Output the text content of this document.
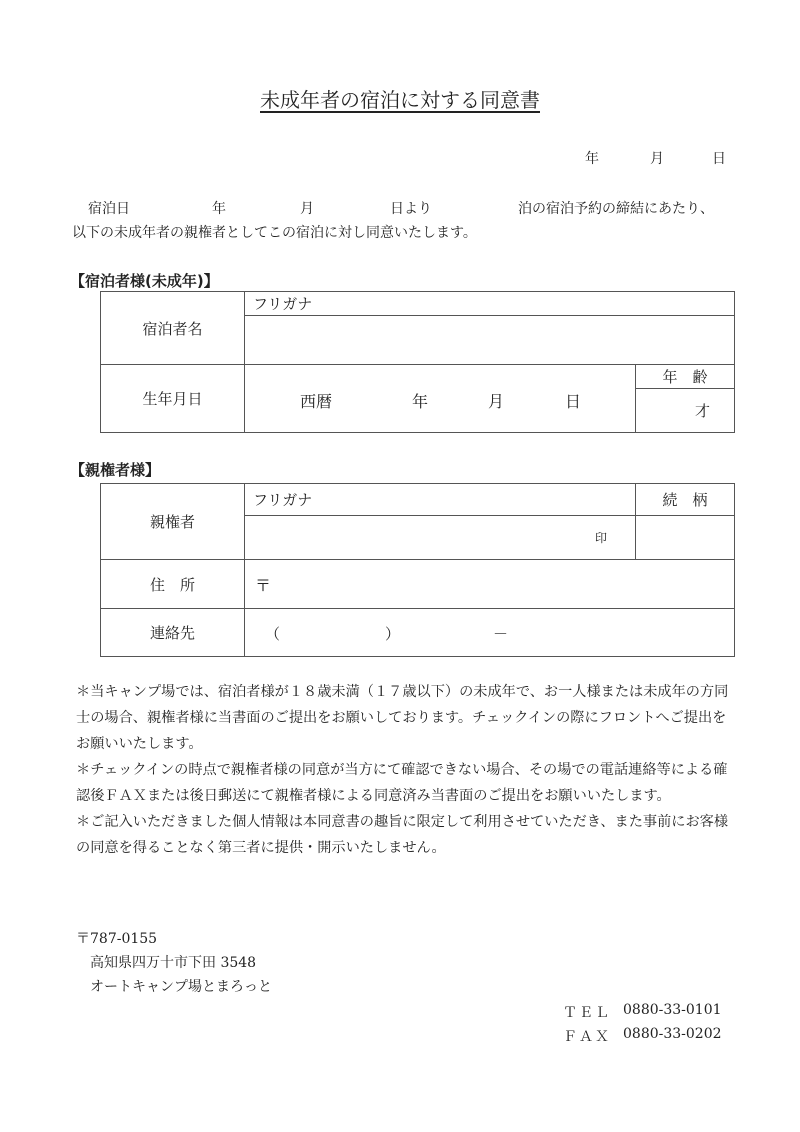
未成年者の宿泊に対する同意書
年	月	日
宿泊日	年	月	日より	泊の宿泊予約の締結にあたり、
以下の未成年者の親権者としてこの宿泊に対し同意いたします。
【宿泊者様(未成年)】
宿泊者名	フリガナ	

生年月日	西暦 年 月 日	年　齢
		才
【親権者様】
親権者	フリガナ	続　柄
	印	
住　所	〒	
連絡先	（ ） －	

＊当キャンプ場では、宿泊者様が１８歳未満（１７歳以下）の未成年で、お一人様または未成年の方同士の場合、親権者様に当書面のご提出をお願いしております。チェックインの際にフロントへご提出をお願いいたします。

＊チェックインの時点で親権者様の同意が当方にて確認できない場合、その場での電話連絡等による確認後ＦＡＸまたは後日郵送にて親権者様による同意済み当書面のご提出をお願いいたします。

＊ご記入いただきました個人情報は本同意書の趣旨に限定して利用させていただき、また事前にお客様の同意を得ることなく第三者に提供・開示いたしません。

〒787-0155
高知県四万十市下田 3548
オートキャンプ場とまろっと
ＴＥＬ 0880-33-0101
ＦＡＸ 0880-33-0202
